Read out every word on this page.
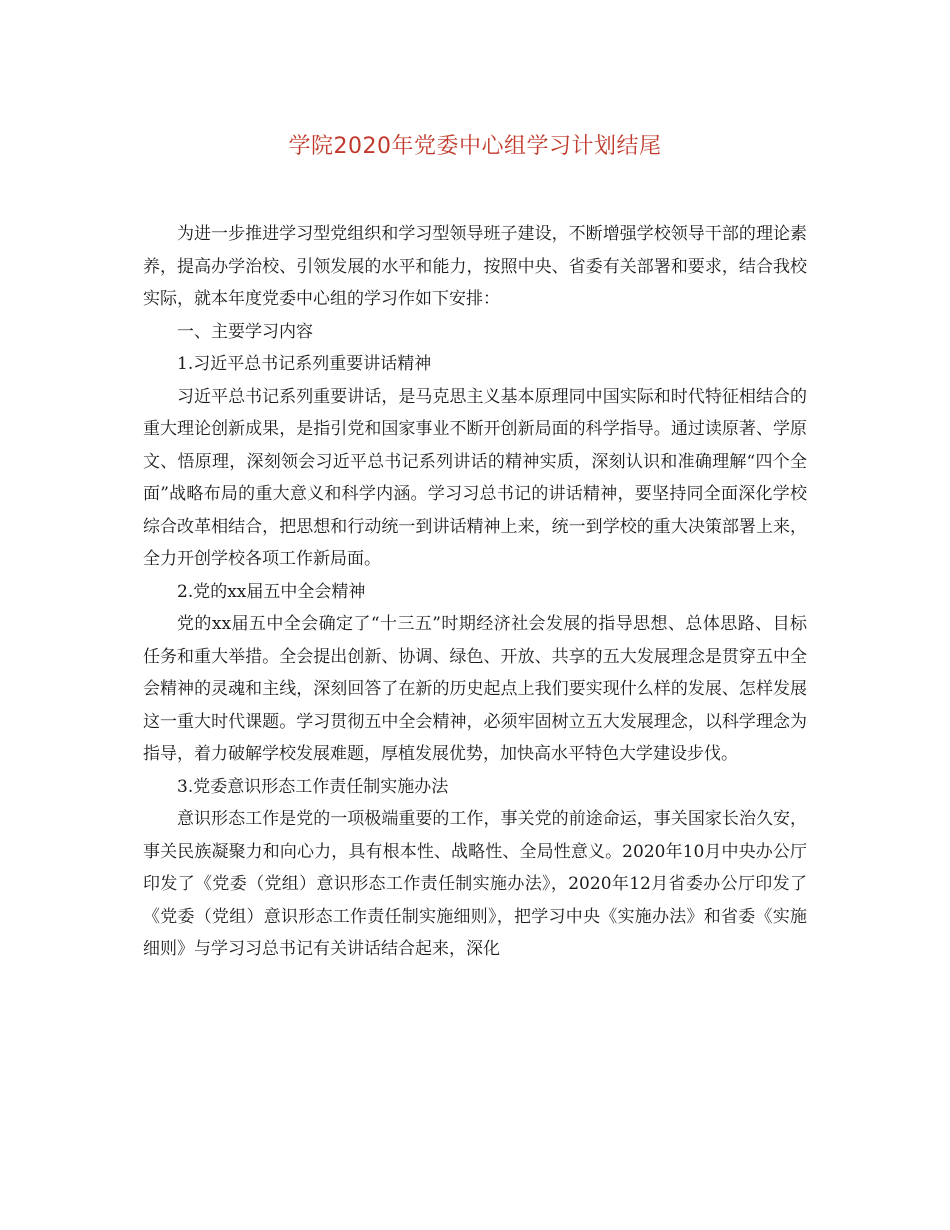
学院2020年党委中心组学习计划结尾

为进一步推进学习型党组织和学习型领导班子建设，不断增强学校领导干部的理论素养，提高办学治校、引领发展的水平和能力，按照中央、省委有关部署和要求，结合我校实际，就本年度党委中心组的学习作如下安排：

一、主要学习内容

1.习近平总书记系列重要讲话精神

习近平总书记系列重要讲话，是马克思主义基本原理同中国实际和时代特征相结合的重大理论创新成果，是指引党和国家事业不断开创新局面的科学指导。通过读原著、学原文、悟原理，深刻领会习近平总书记系列讲话的精神实质，深刻认识和准确理解“四个全面”战略布局的重大意义和科学内涵。学习习总书记的讲话精神，要坚持同全面深化学校综合改革相结合，把思想和行动统一到讲话精神上来，统一到学校的重大决策部署上来，全力开创学校各项工作新局面。

2.党的xx届五中全会精神

党的xx届五中全会确定了“十三五”时期经济社会发展的指导思想、总体思路、目标任务和重大举措。全会提出创新、协调、绿色、开放、共享的五大发展理念是贯穿五中全会精神的灵魂和主线，深刻回答了在新的历史起点上我们要实现什么样的发展、怎样发展这一重大时代课题。学习贯彻五中全会精神，必须牢固树立五大发展理念，以科学理念为指导，着力破解学校发展难题，厚植发展优势，加快高水平特色大学建设步伐。

3.党委意识形态工作责任制实施办法

意识形态工作是党的一项极端重要的工作，事关党的前途命运，事关国家长治久安，事关民族凝聚力和向心力，具有根本性、战略性、全局性意义。2020年10月中央办公厅印发了《党委（党组）意识形态工作责任制实施办法》，2020年12月省委办公厅印发了《党委（党组）意识形态工作责任制实施细则》，把学习中央《实施办法》和省委《实施细则》与学习习总书记有关讲话结合起来，深化
